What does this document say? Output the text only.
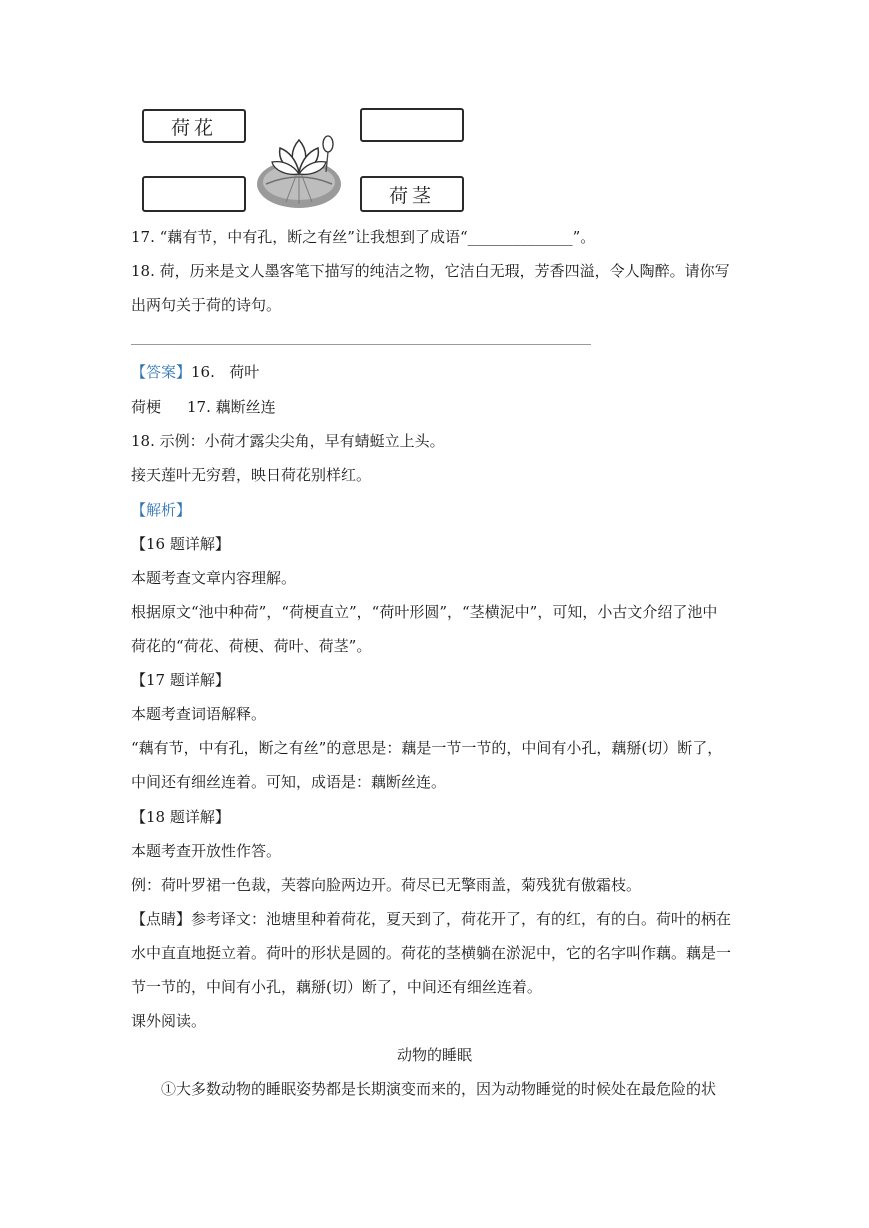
荷花
荷茎
17. “藕有节，中有孔，断之有丝”让我想到了成语“______________”。
18. 荷，历来是文人墨客笔下描写的纯洁之物，它洁白无瑕，芳香四溢，令人陶醉。请你写
出两句关于荷的诗句。
【答案】16. 荷叶
荷梗 17. 藕断丝连
18. 示例：小荷才露尖尖角，早有蜻蜓立上头。
接天莲叶无穷碧，映日荷花别样红。
【解析】
【16 题详解】
本题考查文章内容理解。
根据原文“池中种荷”，“荷梗直立”，“荷叶形圆”，“茎横泥中”，可知，小古文介绍了池中
荷花的“荷花、荷梗、荷叶、荷茎”。
【17 题详解】
本题考查词语解释。
“藕有节，中有孔，断之有丝”的意思是：藕是一节一节的，中间有小孔，藕掰(切）断了，
中间还有细丝连着。可知，成语是：藕断丝连。
【18 题详解】
本题考查开放性作答。
例：荷叶罗裙一色裁，芙蓉向脸两边开。荷尽已无擎雨盖，菊残犹有傲霜枝。
【点睛】参考译文：池塘里种着荷花，夏天到了，荷花开了，有的红，有的白。荷叶的柄在
水中直直地挺立着。荷叶的形状是圆的。荷花的茎横躺在淤泥中，它的名字叫作藕。藕是一
节一节的，中间有小孔，藕掰(切）断了，中间还有细丝连着。
课外阅读。
动物的睡眠
①大多数动物的睡眠姿势都是长期演变而来的，因为动物睡觉的时候处在最危险的状
